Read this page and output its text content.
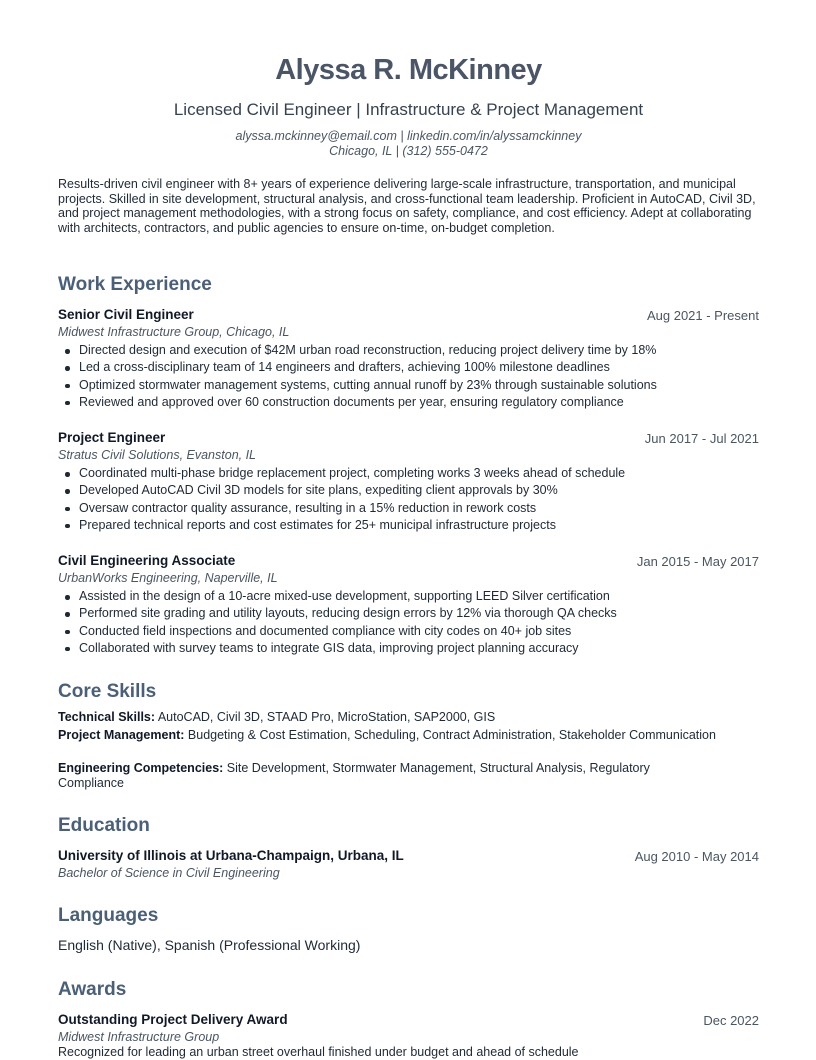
Alyssa R. McKinney
Licensed Civil Engineer | Infrastructure & Project Management
alyssa.mckinney@email.com | linkedin.com/in/alyssamckinney
Chicago, IL | (312) 555-0472
Results-driven civil engineer with 8+ years of experience delivering large-scale infrastructure, transportation, and municipal projects. Skilled in site development, structural analysis, and cross-functional team leadership. Proficient in AutoCAD, Civil 3D, and project management methodologies, with a strong focus on safety, compliance, and cost efficiency. Adept at collaborating with architects, contractors, and public agencies to ensure on-time, on-budget completion.
Work Experience
Senior Civil Engineer	Aug 2021 - Present
Midwest Infrastructure Group, Chicago, IL
Directed design and execution of $42M urban road reconstruction, reducing project delivery time by 18%
Led a cross-disciplinary team of 14 engineers and drafters, achieving 100% milestone deadlines
Optimized stormwater management systems, cutting annual runoff by 23% through sustainable solutions
Reviewed and approved over 60 construction documents per year, ensuring regulatory compliance
Project Engineer	Jun 2017 - Jul 2021
Stratus Civil Solutions, Evanston, IL
Coordinated multi-phase bridge replacement project, completing works 3 weeks ahead of schedule
Developed AutoCAD Civil 3D models for site plans, expediting client approvals by 30%
Oversaw contractor quality assurance, resulting in a 15% reduction in rework costs
Prepared technical reports and cost estimates for 25+ municipal infrastructure projects
Civil Engineering Associate	Jan 2015 - May 2017
UrbanWorks Engineering, Naperville, IL
Assisted in the design of a 10-acre mixed-use development, supporting LEED Silver certification
Performed site grading and utility layouts, reducing design errors by 12% via thorough QA checks
Conducted field inspections and documented compliance with city codes on 40+ job sites
Collaborated with survey teams to integrate GIS data, improving project planning accuracy
Core Skills
Technical Skills: AutoCAD, Civil 3D, STAAD Pro, MicroStation, SAP2000, GIS
Project Management: Budgeting & Cost Estimation, Scheduling, Contract Administration, Stakeholder Communication
Engineering Competencies: Site Development, Stormwater Management, Structural Analysis, Regulatory Compliance
Education
University of Illinois at Urbana-Champaign, Urbana, IL	Aug 2010 - May 2014
Bachelor of Science in Civil Engineering
Languages
English (Native), Spanish (Professional Working)
Awards
Outstanding Project Delivery Award	Dec 2022
Midwest Infrastructure Group
Recognized for leading an urban street overhaul finished under budget and ahead of schedule
